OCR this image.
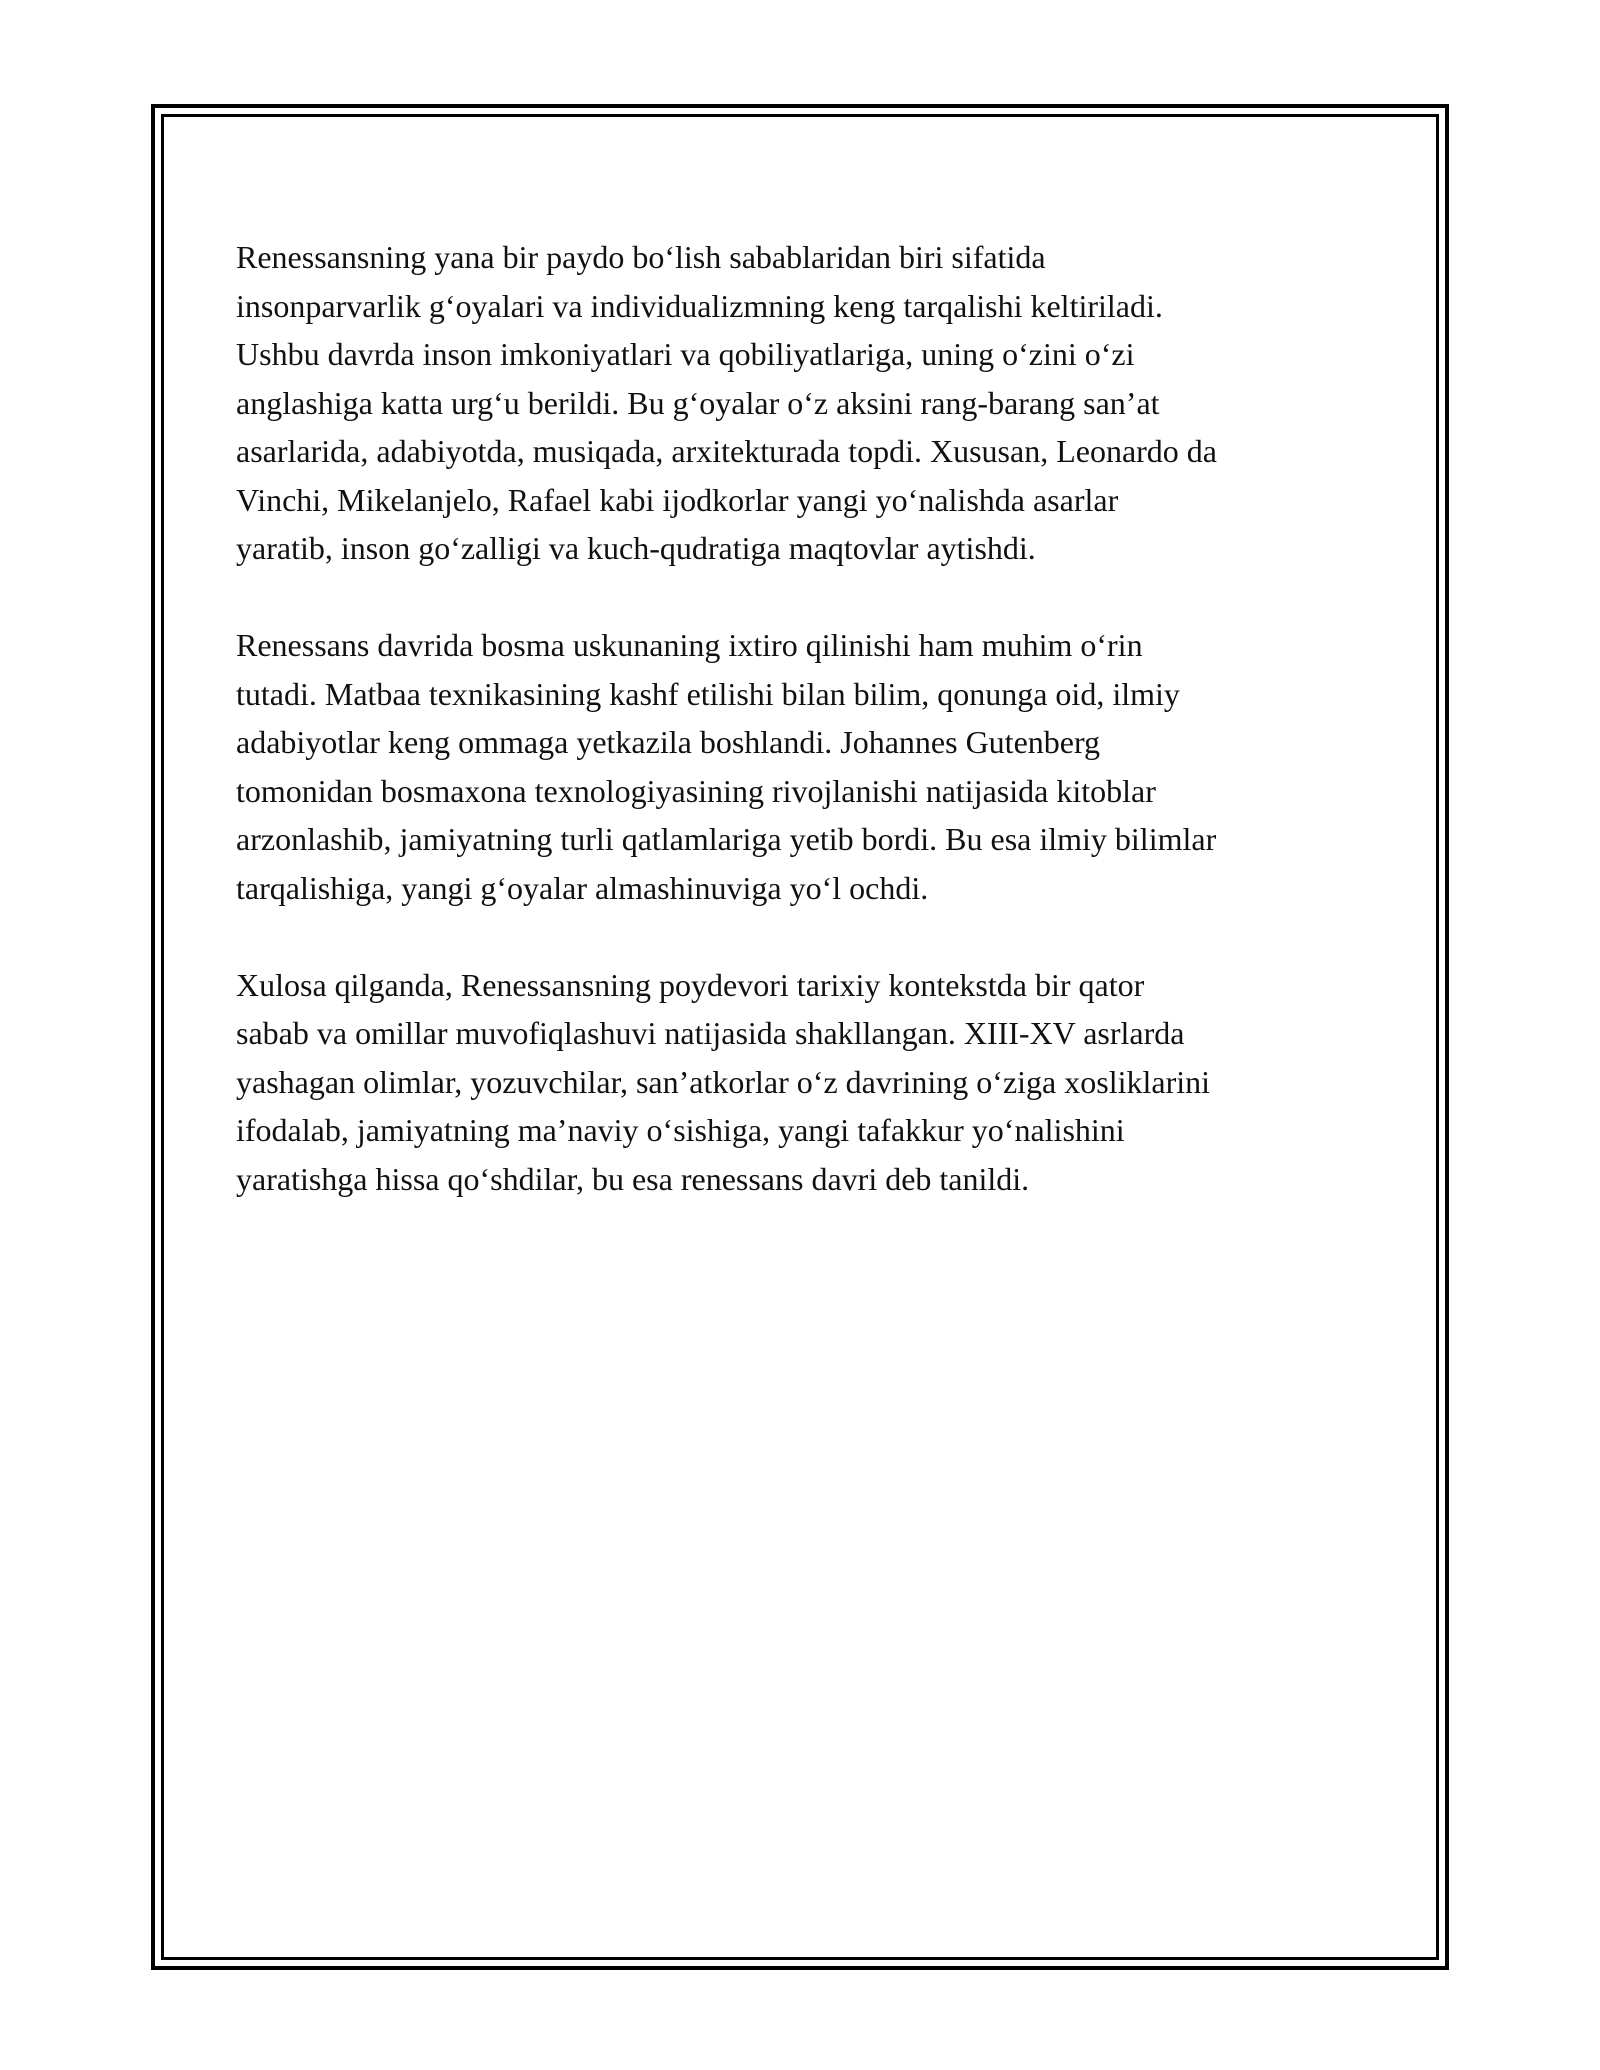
Renessansning yana bir paydo bo‘lish sabablaridan biri sifatida
insonparvarlik g‘oyalari va individualizmning keng tarqalishi keltiriladi.
Ushbu davrda inson imkoniyatlari va qobiliyatlariga, uning o‘zini o‘zi
anglashiga katta urg‘u berildi. Bu g‘oyalar o‘z aksini rang-barang san’at
asarlarida, adabiyotda, musiqada, arxitekturada topdi. Xususan, Leonardo da
Vinchi, Mikelanjelo, Rafael kabi ijodkorlar yangi yo‘nalishda asarlar
yaratib, inson go‘zalligi va kuch-qudratiga maqtovlar aytishdi.

Renessans davrida bosma uskunaning ixtiro qilinishi ham muhim o‘rin
tutadi. Matbaa texnikasining kashf etilishi bilan bilim, qonunga oid, ilmiy
adabiyotlar keng ommaga yetkazila boshlandi. Johannes Gutenberg
tomonidan bosmaxona texnologiyasining rivojlanishi natijasida kitoblar
arzonlashib, jamiyatning turli qatlamlariga yetib bordi. Bu esa ilmiy bilimlar
tarqalishiga, yangi g‘oyalar almashinuviga yo‘l ochdi.

Xulosa qilganda, Renessansning poydevori tarixiy kontekstda bir qator
sabab va omillar muvofiqlashuvi natijasida shakllangan. XIII-XV asrlarda
yashagan olimlar, yozuvchilar, san’atkorlar o‘z davrining o‘ziga xosliklarini
ifodalab, jamiyatning ma’naviy o‘sishiga, yangi tafakkur yo‘nalishini
yaratishga hissa qo‘shdilar, bu esa renessans davri deb tanildi.
